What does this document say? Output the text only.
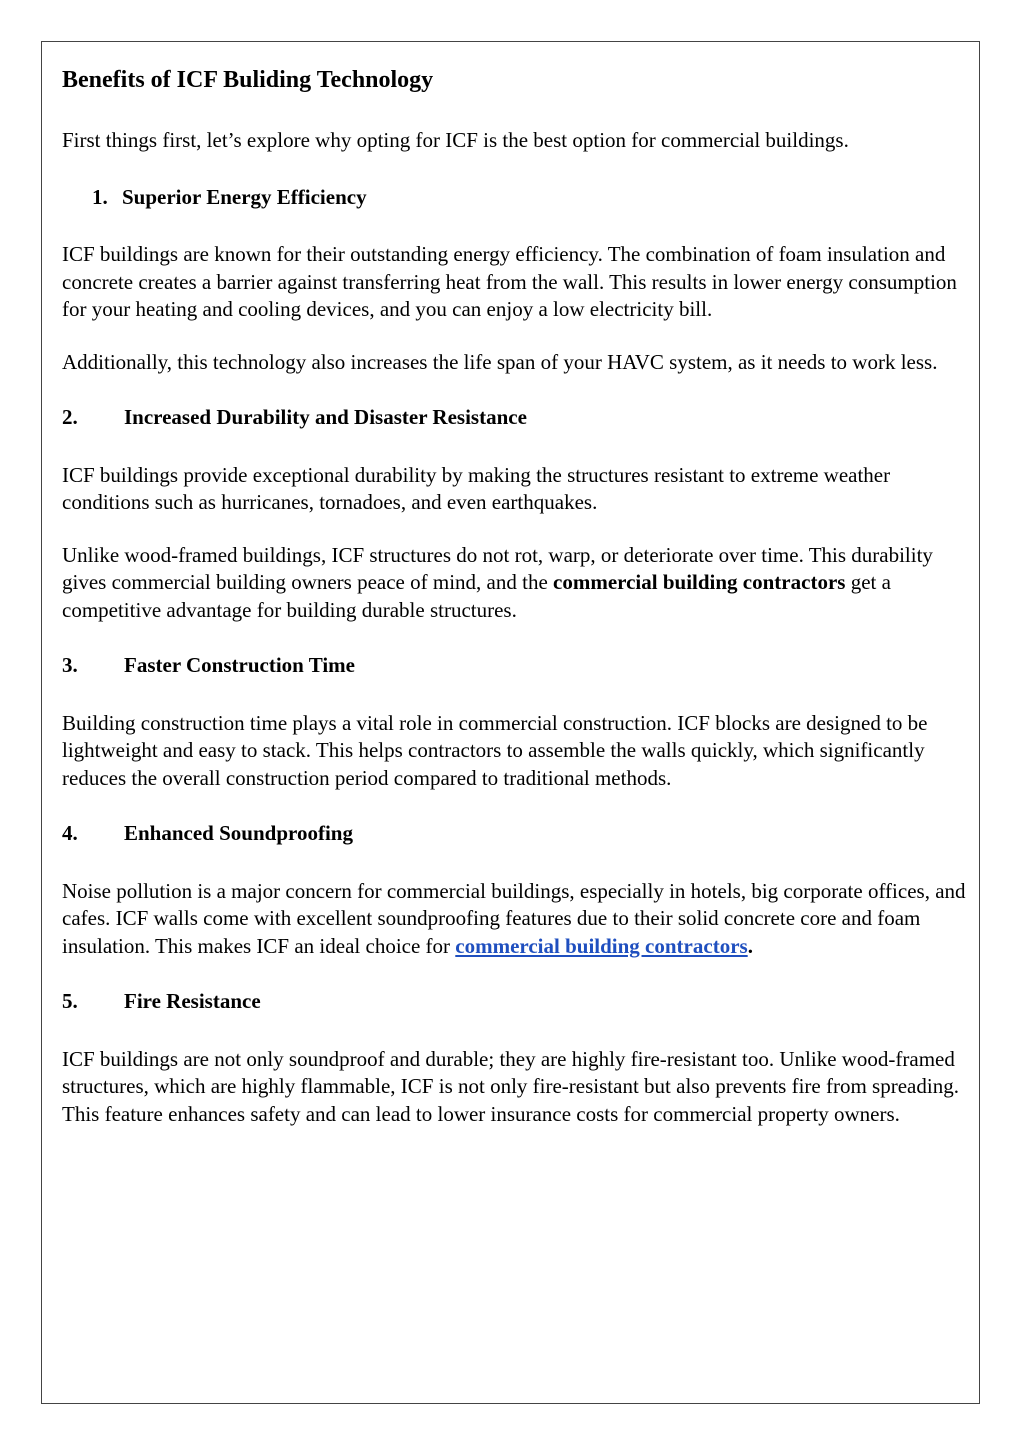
Benefits of ICF Buliding Technology

First things first, let’s explore why opting for ICF is the best option for commercial buildings.

1. Superior Energy Efficiency

ICF buildings are known for their outstanding energy efficiency. The combination of foam insulation and concrete creates a barrier against transferring heat from the wall. This results in lower energy consumption for your heating and cooling devices, and you can enjoy a low electricity bill.

Additionally, this technology also increases the life span of your HAVC system, as it needs to work less.

2. Increased Durability and Disaster Resistance

ICF buildings provide exceptional durability by making the structures resistant to extreme weather conditions such as hurricanes, tornadoes, and even earthquakes.

Unlike wood-framed buildings, ICF structures do not rot, warp, or deteriorate over time. This durability gives commercial building owners peace of mind, and the commercial building contractors get a competitive advantage for building durable structures.

3. Faster Construction Time

Building construction time plays a vital role in commercial construction. ICF blocks are designed to be lightweight and easy to stack. This helps contractors to assemble the walls quickly, which significantly reduces the overall construction period compared to traditional methods.

4. Enhanced Soundproofing

Noise pollution is a major concern for commercial buildings, especially in hotels, big corporate offices, and cafes. ICF walls come with excellent soundproofing features due to their solid concrete core and foam insulation. This makes ICF an ideal choice for commercial building contractors.

5. Fire Resistance

ICF buildings are not only soundproof and durable; they are highly fire-resistant too. Unlike wood-framed structures, which are highly flammable, ICF is not only fire-resistant but also prevents fire from spreading. This feature enhances safety and can lead to lower insurance costs for commercial property owners.
